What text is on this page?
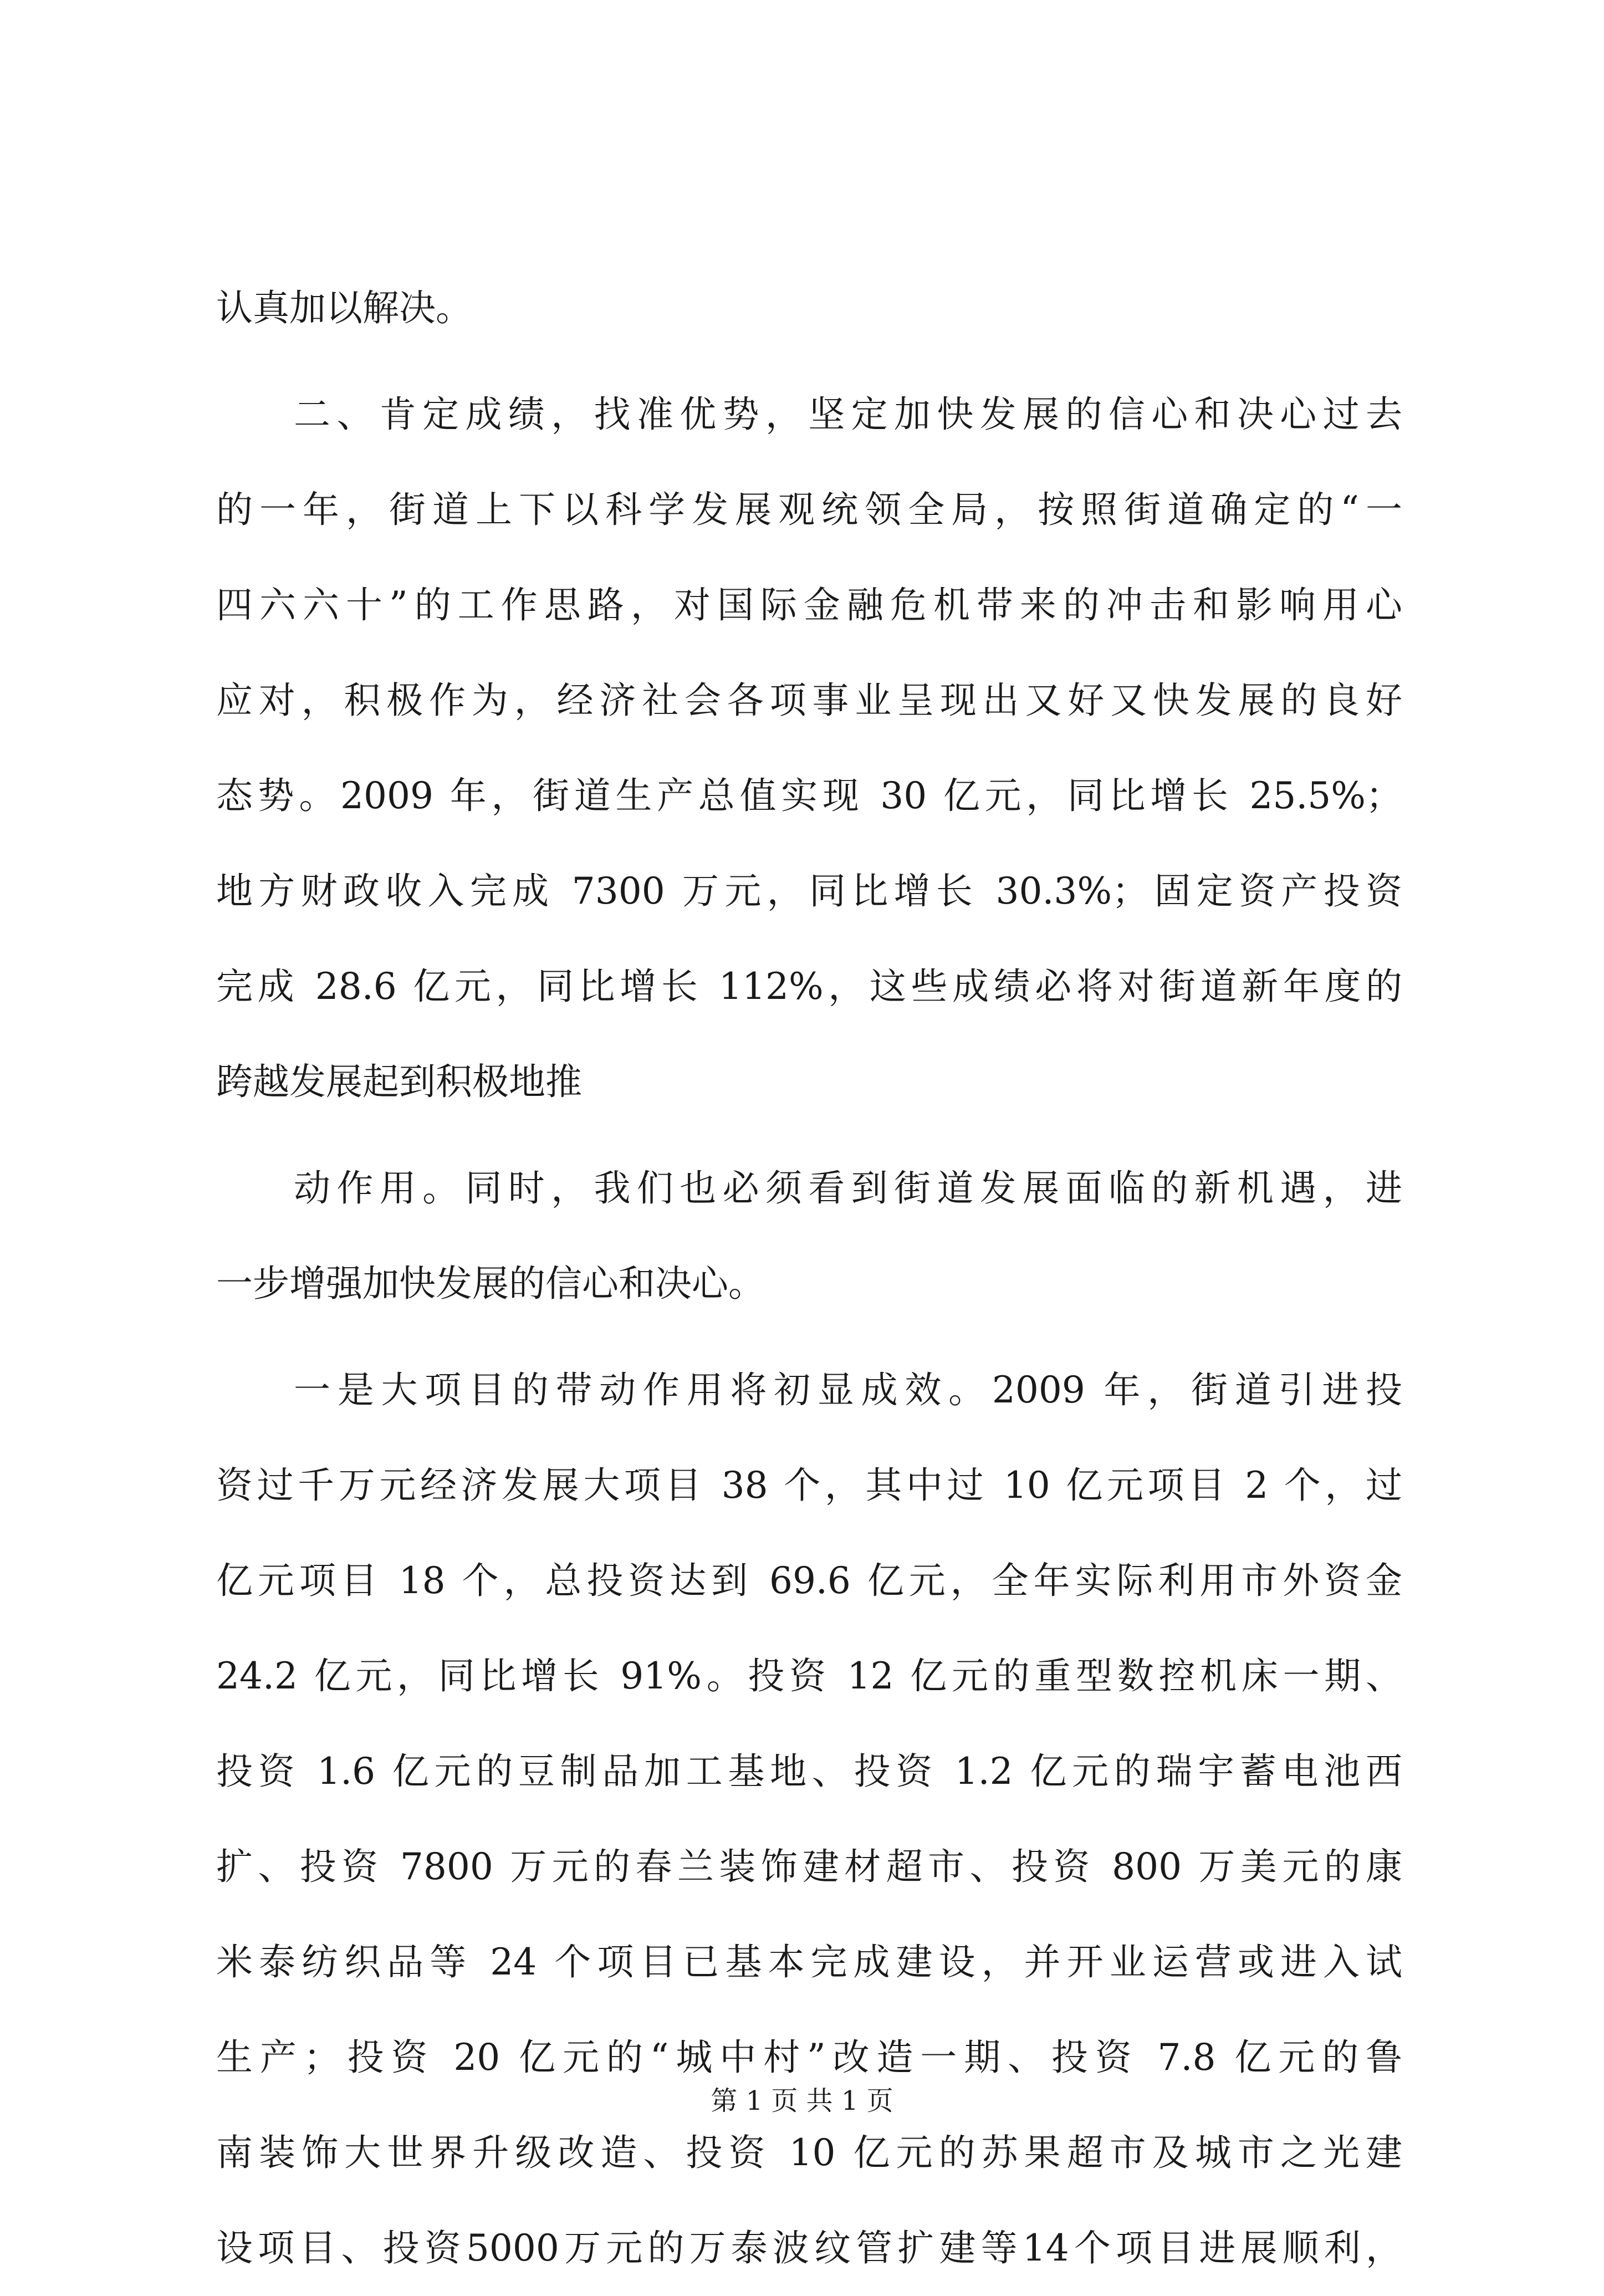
认真加以解决。
二、肯定成绩，找准优势，坚定加快发展的信心和决心过去
的一年，街道上下以科学发展观统领全局，按照街道确定的“一
四六六十”的工作思路，对国际金融危机带来的冲击和影响用心
应对，积极作为，经济社会各项事业呈现出又好又快发展的良好
态势。2009 年，街道生产总值实现 30 亿元，同比增长 25.5%；
地方财政收入完成 7300 万元，同比增长 30.3%；固定资产投资
完成 28.6 亿元，同比增长 112%，这些成绩必将对街道新年度的
跨越发展起到积极地推
动作用。同时，我们也必须看到街道发展面临的新机遇，进
一步增强加快发展的信心和决心。
一是大项目的带动作用将初显成效。2009 年，街道引进投
资过千万元经济发展大项目 38 个，其中过 10 亿元项目 2 个，过
亿元项目 18 个，总投资达到 69.6 亿元，全年实际利用市外资金
24.2 亿元，同比增长 91%。投资 12 亿元的重型数控机床一期、
投资 1.6 亿元的豆制品加工基地、投资 1.2 亿元的瑞宇蓄电池西
扩、投资 7800 万元的春兰装饰建材超市、投资 800 万美元的康
米泰纺织品等 24 个项目已基本完成建设，并开业运营或进入试
生产；投资 20 亿元的“城中村”改造一期、投资 7.8 亿元的鲁
南装饰大世界升级改造、投资 10 亿元的苏果超市及城市之光建
设项目、投资5000万元的万泰波纹管扩建等14个项目进展顺利，
第 1 页 共 1 页
